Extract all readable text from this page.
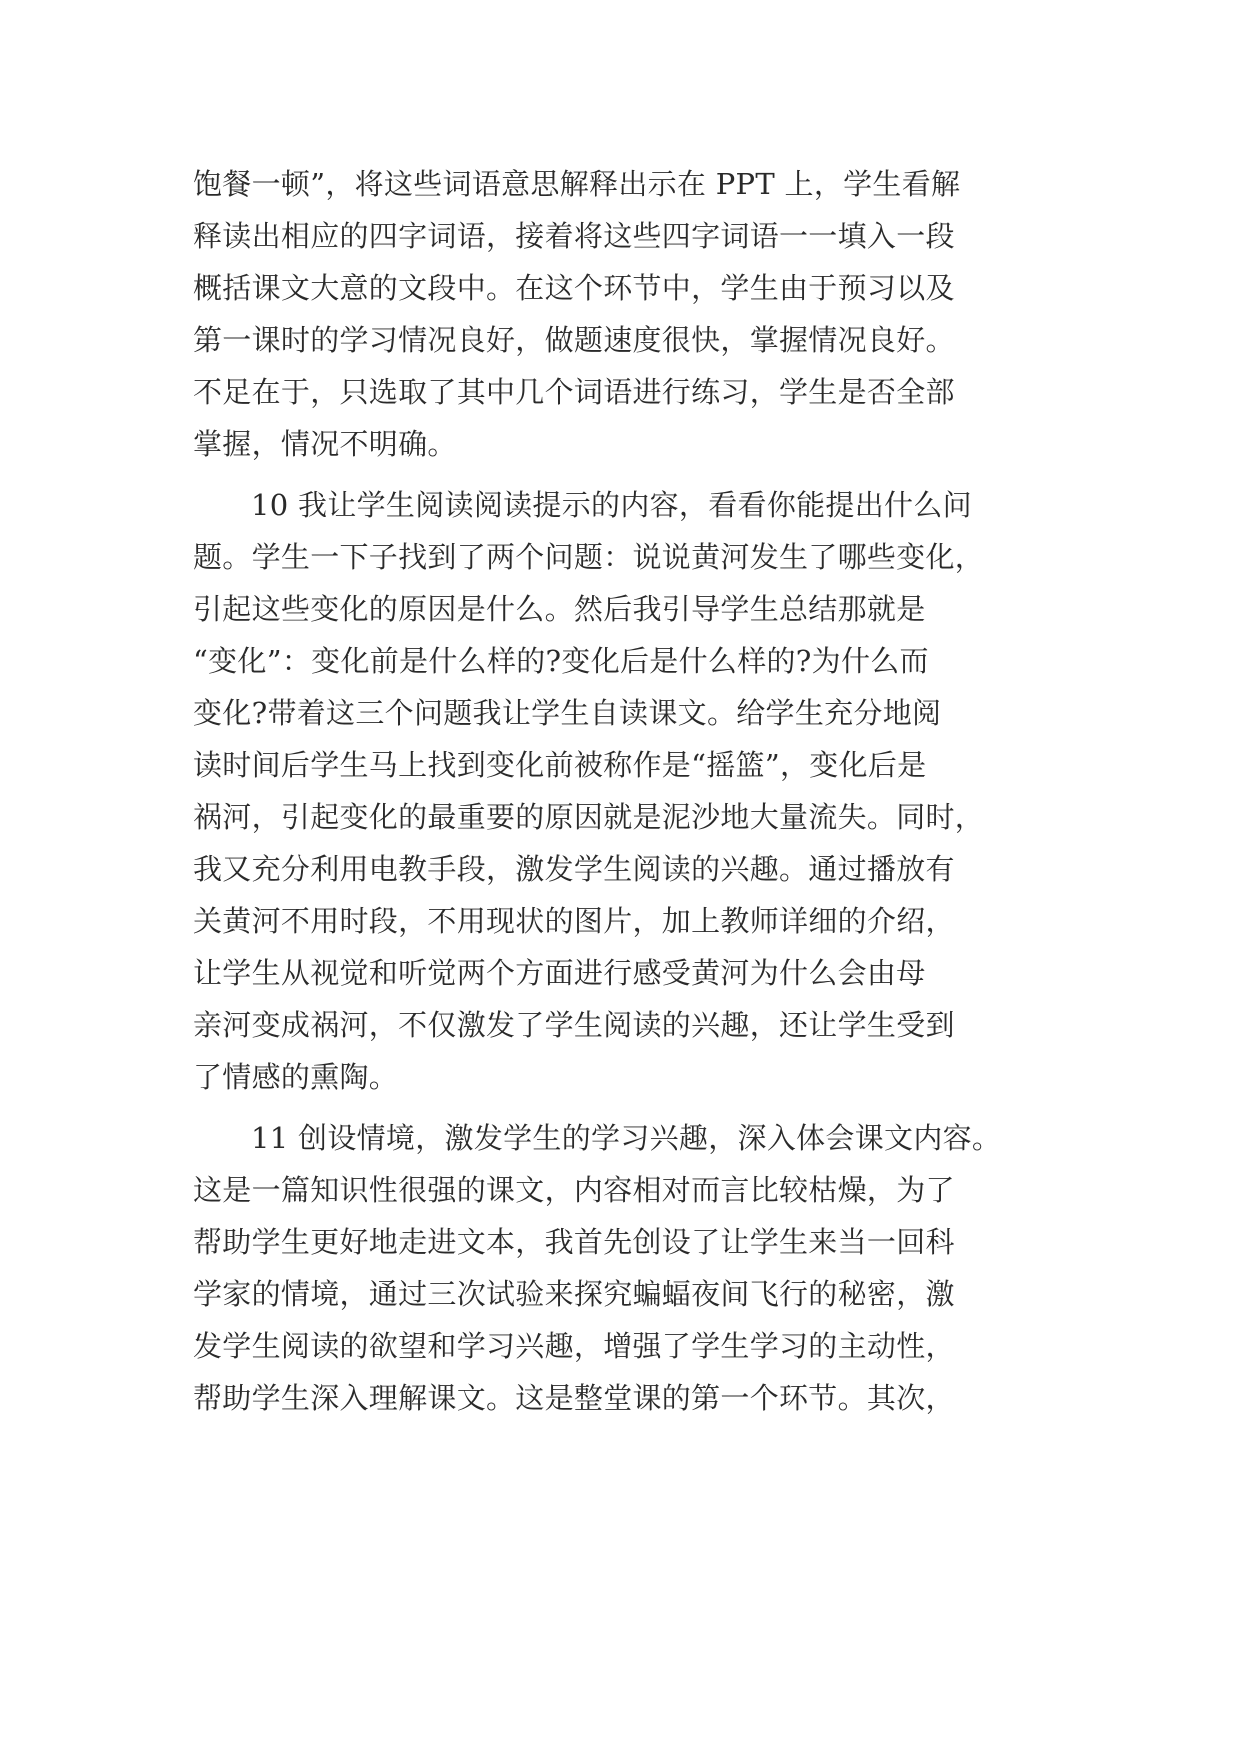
饱餐一顿”，将这些词语意思解释出示在 PPT 上，学生看解
释读出相应的四字词语，接着将这些四字词语一一填入一段
概括课文大意的文段中。在这个环节中，学生由于预习以及
第一课时的学习情况良好，做题速度很快，掌握情况良好。
不足在于，只选取了其中几个词语进行练习，学生是否全部
掌握，情况不明确。
10 我让学生阅读阅读提示的内容，看看你能提出什么问
题。学生一下子找到了两个问题：说说黄河发生了哪些变化，
引起这些变化的原因是什么。然后我引导学生总结那就是
“变化”：变化前是什么样的?变化后是什么样的?为什么而
变化?带着这三个问题我让学生自读课文。给学生充分地阅
读时间后学生马上找到变化前被称作是“摇篮”，变化后是
祸河，引起变化的最重要的原因就是泥沙地大量流失。同时，
我又充分利用电教手段，激发学生阅读的兴趣。通过播放有
关黄河不用时段，不用现状的图片，加上教师详细的介绍，
让学生从视觉和听觉两个方面进行感受黄河为什么会由母
亲河变成祸河，不仅激发了学生阅读的兴趣，还让学生受到
了情感的熏陶。
11 创设情境，激发学生的学习兴趣，深入体会课文内容。
这是一篇知识性很强的课文，内容相对而言比较枯燥，为了
帮助学生更好地走进文本，我首先创设了让学生来当一回科
学家的情境，通过三次试验来探究蝙蝠夜间飞行的秘密，激
发学生阅读的欲望和学习兴趣，增强了学生学习的主动性，
帮助学生深入理解课文。这是整堂课的第一个环节。其次，
